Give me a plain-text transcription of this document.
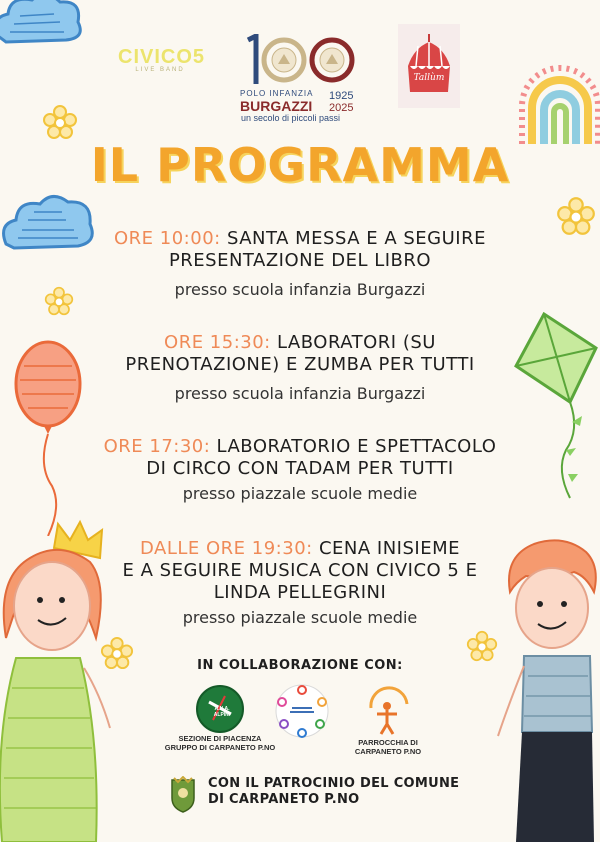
CIVICO5
LIVE BAND
POLO INFANZIA
BURGAZZI
1925
2025
un secolo di piccoli passi
Tallùm
IL PROGRAMMA
ORE 10:00: SANTA MESSA E A SEGUIRE
PRESENTAZIONE DEL LIBRO
presso scuola infanzia Burgazzi
ORE 15:30: LABORATORI (SU
PRENOTAZIONE) E ZUMBA PER TUTTI
presso scuola infanzia Burgazzi
ORE 17:30: LABORATORIO E SPETTACOLO
DI CIRCO CON TADAM PER TUTTI
presso piazzale scuole medie
DALLE ORE 19:30: CENA INISIEME
E A SEGUIRE MUSICA CON CIVICO 5 E
LINDA PELLEGRINI
presso piazzale scuole medie
IN COLLABORAZIONE CON:
A.N.A. ALPINI
SEZIONE DI PIACENZA
GRUPPO DI CARPANETO P.NO
PARROCCHIA DI
CARPANETO P.NO
CON IL PATROCINIO DEL COMUNE
DI CARPANETO P.NO
